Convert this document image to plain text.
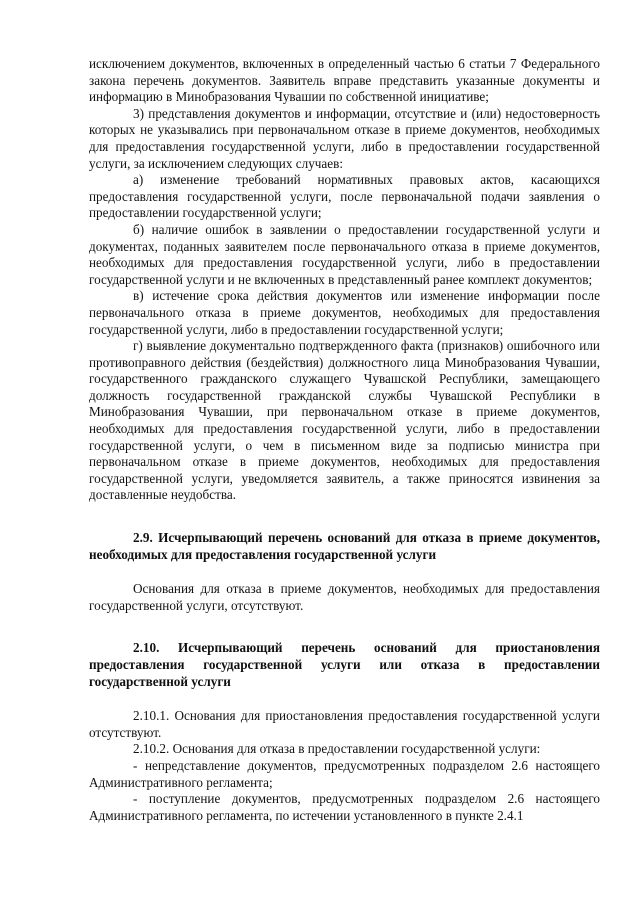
исключением документов, включенных в определенный частью 6 статьи 7 Федерального закона перечень документов. Заявитель вправе представить указанные документы и информацию в Минобразования Чувашии по собственной инициативе;

3) представления документов и информации, отсутствие и (или) недостоверность которых не указывались при первоначальном отказе в приеме документов, необходимых для предоставления государственной услуги, либо в предоставлении государственной услуги, за исключением следующих случаев:

а) изменение требований нормативных правовых актов, касающихся предоставления государственной услуги, после первоначальной подачи заявления о предоставлении государственной услуги;

б) наличие ошибок в заявлении о предоставлении государственной услуги и документах, поданных заявителем после первоначального отказа в приеме документов, необходимых для предоставления государственной услуги, либо в предоставлении государственной услуги и не включенных в представленный ранее комплект документов;

в) истечение срока действия документов или изменение информации после первоначального отказа в приеме документов, необходимых для предоставления государственной услуги, либо в предоставлении государственной услуги;

г) выявление документально подтвержденного факта (признаков) ошибочного или противоправного действия (бездействия) должностного лица Минобразования Чувашии, государственного гражданского служащего Чувашской Республики, замещающего должность государственной гражданской службы Чувашской Республики в Минобразования Чувашии, при первоначальном отказе в приеме документов, необходимых для предоставления государственной услуги, либо в предоставлении государственной услуги, о чем в письменном виде за подписью министра при первоначальном отказе в приеме документов, необходимых для предоставления государственной услуги, уведомляется заявитель, а также приносятся извинения за доставленные неудобства.

2.9. Исчерпывающий перечень оснований для отказа в приеме документов, необходимых для предоставления государственной услуги

Основания для отказа в приеме документов, необходимых для предоставления государственной услуги, отсутствуют.

2.10. Исчерпывающий перечень оснований для приостановления предоставления государственной услуги или отказа в предоставлении государственной услуги

2.10.1. Основания для приостановления предоставления государственной услуги отсутствуют.

2.10.2. Основания для отказа в предоставлении государственной услуги:

- непредставление документов, предусмотренных подразделом 2.6 настоящего Административного регламента;

- поступление документов, предусмотренных подразделом 2.6 настоящего Административного регламента, по истечении установленного в пункте 2.4.1
